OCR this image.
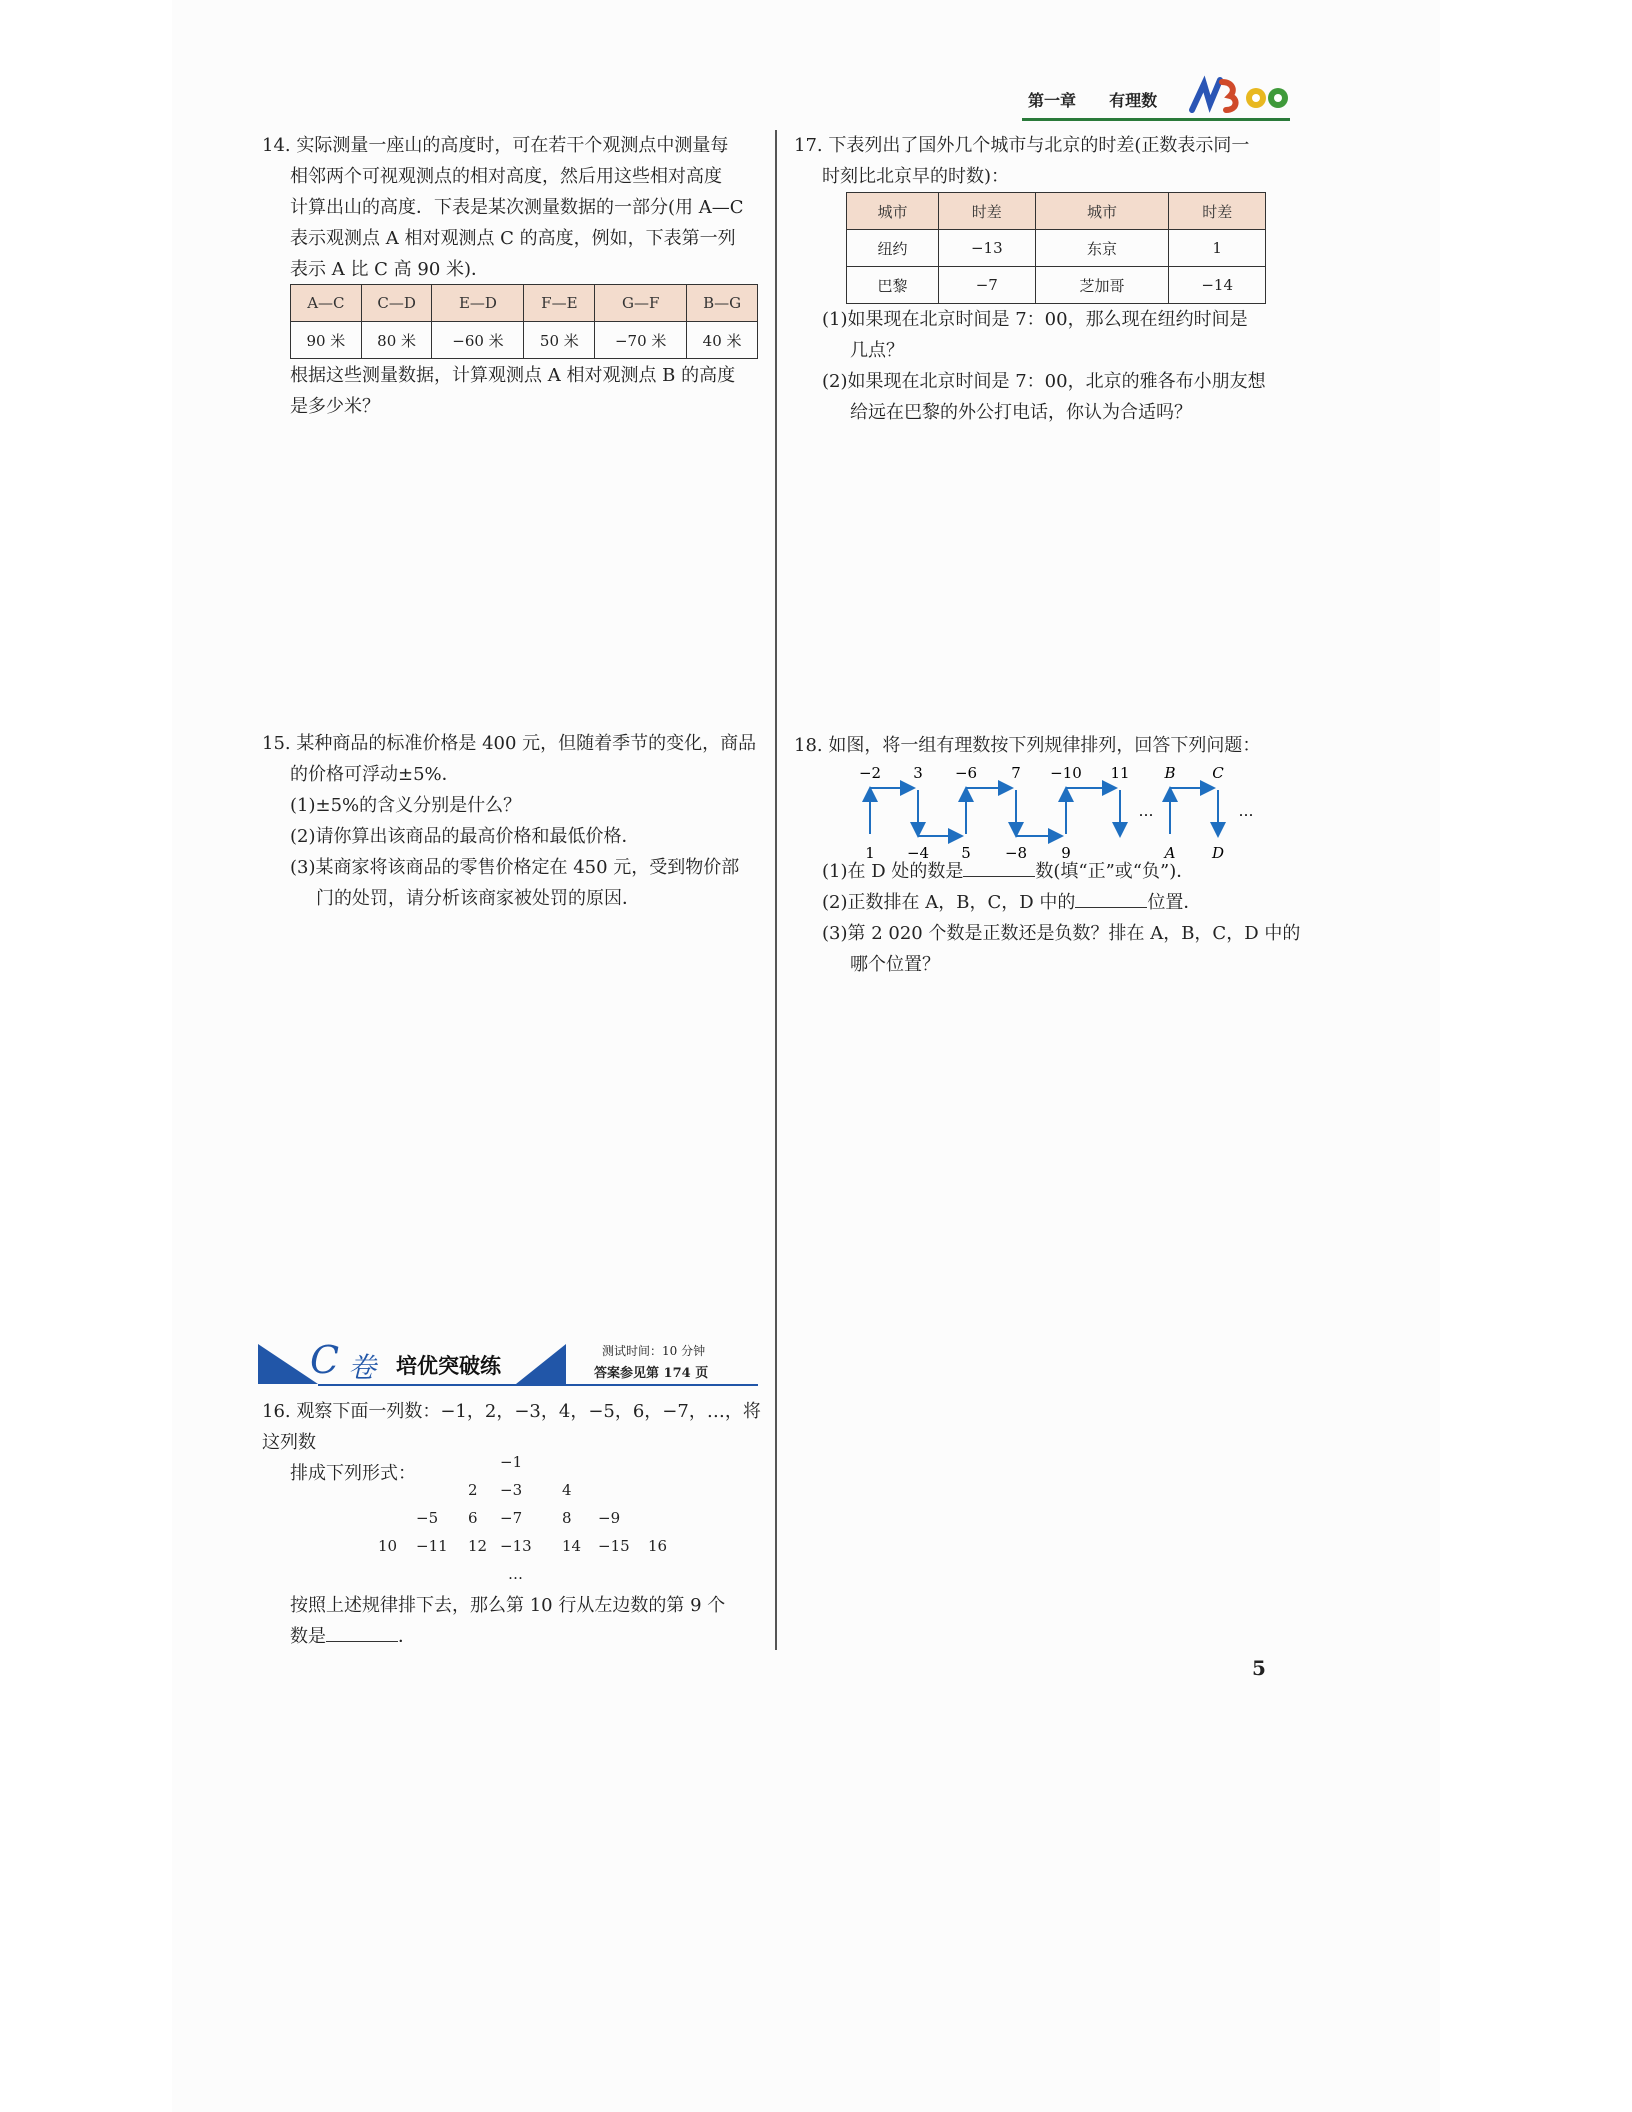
第一章 有理数
14. 实际测量一座山的高度时，可在若干个观测点中测量每
相邻两个可视观测点的相对高度，然后用这些相对高度
计算出山的高度．下表是某次测量数据的一部分(用 A—C
表示观测点 A 相对观测点 C 的高度，例如，下表第一列
表示 A 比 C 高 90 米)．
A—C	C—D	E—D	F—E	G—F	B—G
90 米	80 米	−60 米	50 米	−70 米	40 米
根据这些测量数据，计算观测点 A 相对观测点 B 的高度
是多少米？
17. 下表列出了国外几个城市与北京的时差(正数表示同一
时刻比北京早的时数)：
城市	时差	城市	时差
纽约	−13	东京	1
巴黎	−7	芝加哥	−14
(1)如果现在北京时间是 7：00，那么现在纽约时间是
几点？
(2)如果现在北京时间是 7：00，北京的雅各布小朋友想
给远在巴黎的外公打电话，你认为合适吗？
15. 某种商品的标准价格是 400 元，但随着季节的变化，商品
的价格可浮动±5%．
(1)±5%的含义分别是什么？
(2)请你算出该商品的最高价格和最低价格．
(3)某商家将该商品的零售价格定在 450 元，受到物价部
门的处罚，请分析该商家被处罚的原因．
18. 如图，将一组有理数按下列规律排列，回答下列问题：
−2 3 −6 7 −10 11 B C
1 −4 5 −8 9	A D
…	…
(1)在 D 处的数是	数(填“正”或“负”)．
(2)正数排在 A，B，C，D 中的	位置．
(3)第 2 020 个数是正数还是负数？排在 A，B，C，D 中的
哪个位置？
C 卷 培优突破练
测试时间：10 分钟
答案参见第 174 页
16. 观察下面一列数：−1，2，−3，4，−5，6，−7，…，将这列数
排成下列形式：
−1
2 −3	4
−5 6 −7	8 −9
10 −11 12 −13 14 −15 16
…
按照上述规律排下去，那么第 10 行从左边数的第 9 个
数是	．
5
